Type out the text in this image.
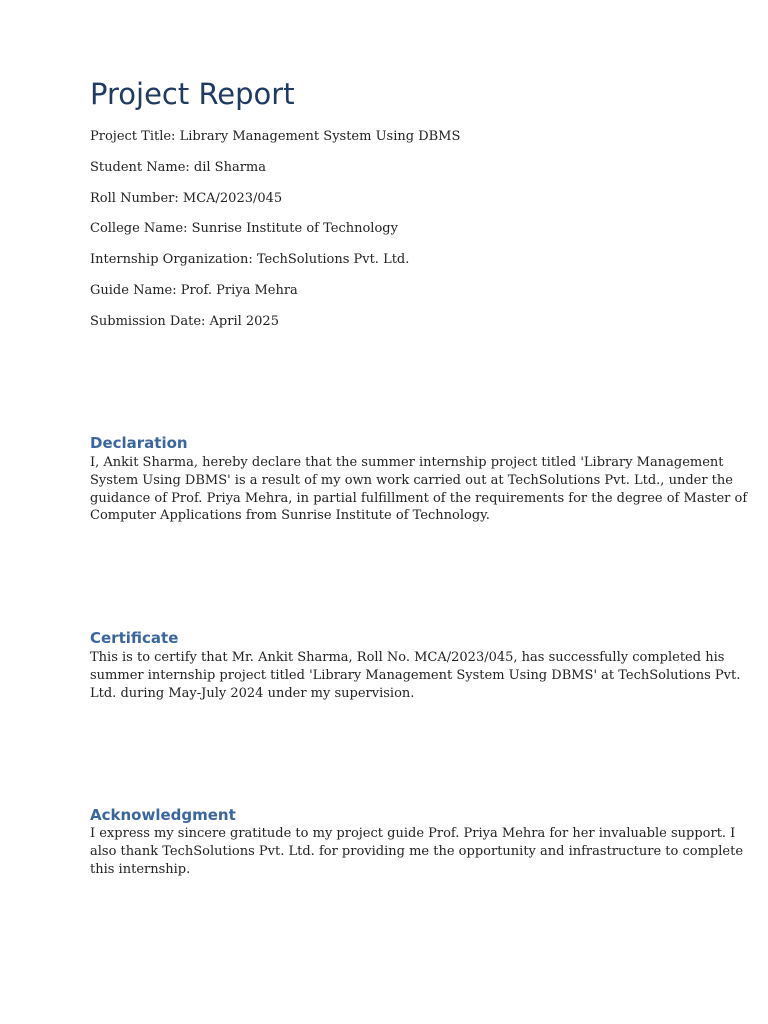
Project Report

Project Title: Library Management System Using DBMS

Student Name: dil Sharma

Roll Number: MCA/2023/045

College Name: Sunrise Institute of Technology

Internship Organization: TechSolutions Pvt. Ltd.

Guide Name: Prof. Priya Mehra

Submission Date: April 2025

Declaration

I, Ankit Sharma, hereby declare that the summer internship project titled 'Library Management
System Using DBMS' is a result of my own work carried out at TechSolutions Pvt. Ltd., under the
guidance of Prof. Priya Mehra, in partial fulfillment of the requirements for the degree of Master of
Computer Applications from Sunrise Institute of Technology.

Certificate

This is to certify that Mr. Ankit Sharma, Roll No. MCA/2023/045, has successfully completed his
summer internship project titled 'Library Management System Using DBMS' at TechSolutions Pvt.
Ltd. during May-July 2024 under my supervision.

Acknowledgment

I express my sincere gratitude to my project guide Prof. Priya Mehra for her invaluable support. I
also thank TechSolutions Pvt. Ltd. for providing me the opportunity and infrastructure to complete
this internship.
